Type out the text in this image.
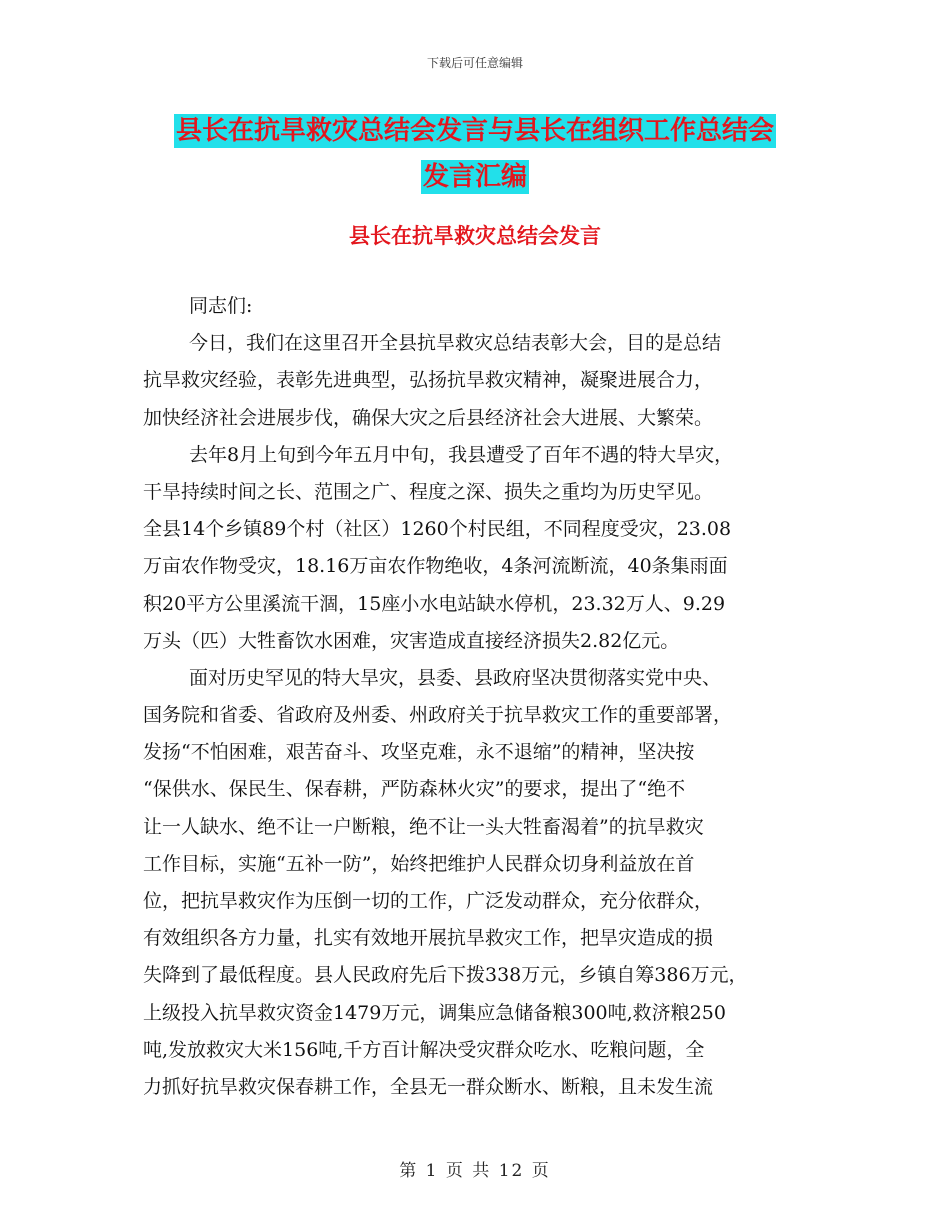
下载后可任意编辑
县长在抗旱救灾总结会发言与县长在组织工作总结会
发言汇编
县长在抗旱救灾总结会发言
同志们:
今日，我们在这里召开全县抗旱救灾总结表彰大会，目的是总结
抗旱救灾经验，表彰先进典型，弘扬抗旱救灾精神，凝聚进展合力，
加快经济社会进展步伐，确保大灾之后县经济社会大进展、大繁荣。
去年8月上旬到今年五月中旬，我县遭受了百年不遇的特大旱灾，
干旱持续时间之长、范围之广、程度之深、损失之重均为历史罕见。
全县14个乡镇89个村（社区）1260个村民组，不同程度受灾，23.08
万亩农作物受灾，18.16万亩农作物绝收，4条河流断流，40条集雨面
积20平方公里溪流干涸，15座小水电站缺水停机，23.32万人、9.29
万头（匹）大牲畜饮水困难，灾害造成直接经济损失2.82亿元。
面对历史罕见的特大旱灾，县委、县政府坚决贯彻落实党中央、
国务院和省委、省政府及州委、州政府关于抗旱救灾工作的重要部署，
发扬“不怕困难，艰苦奋斗、攻坚克难，永不退缩”的精神，坚决按
“保供水、保民生、保春耕，严防森林火灾”的要求，提出了“绝不
让一人缺水、绝不让一户断粮，绝不让一头大牲畜渴着”的抗旱救灾
工作目标，实施“五补一防”，始终把维护人民群众切身利益放在首
位，把抗旱救灾作为压倒一切的工作，广泛发动群众，充分依群众，
有效组织各方力量，扎实有效地开展抗旱救灾工作，把旱灾造成的损
失降到了最低程度。县人民政府先后下拨338万元，乡镇自筹386万元，
上级投入抗旱救灾资金1479万元，调集应急储备粮300吨,救济粮250
吨,发放救灾大米156吨,千方百计解决受灾群众吃水、吃粮问题，全
力抓好抗旱救灾保春耕工作，全县无一群众断水、断粮，且未发生流
第 1 页 共 12 页
